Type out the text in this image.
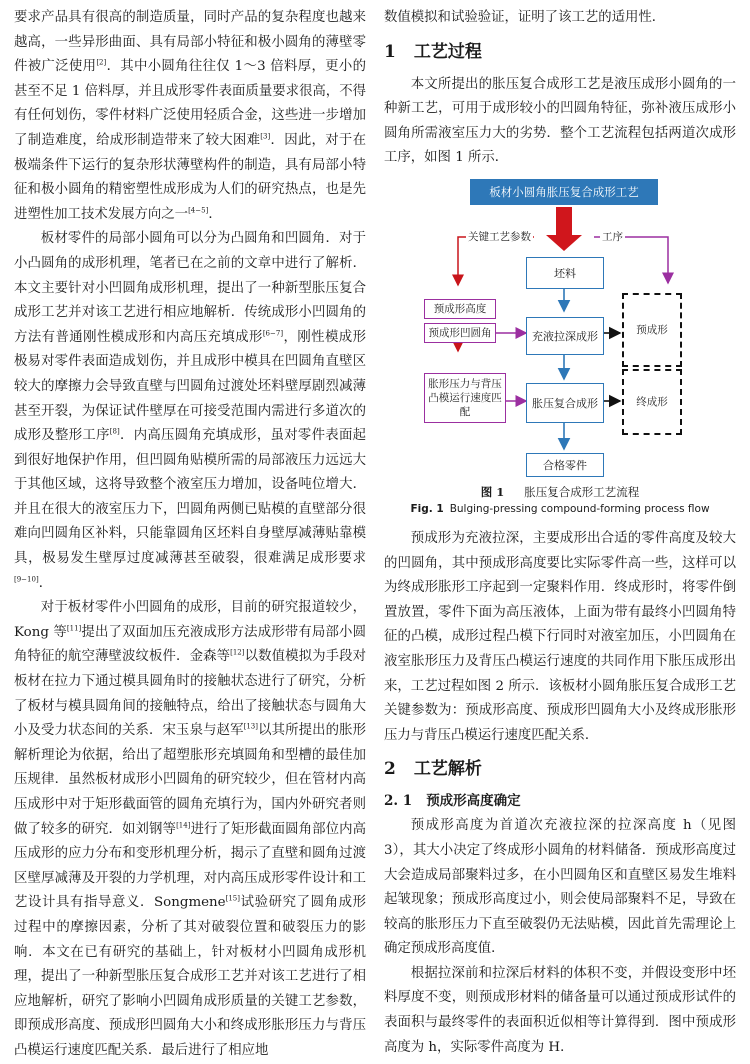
要求产品具有很高的制造质量，同时产品的复杂程度也越来越高，一些异形曲面、具有局部小特征和极小圆角的薄壁零件被广泛使用[2]．其中小圆角往往仅 1～3 倍料厚，更小的甚至不足 1 倍料厚，并且成形零件表面质量要求很高，不得有任何划伤，零件材料广泛使用轻质合金，这些进一步增加了制造难度，给成形制造带来了较大困难[3]．因此，对于在极端条件下运行的复杂形状薄壁构件的制造，具有局部小特征和极小圆角的精密塑性成形成为人们的研究热点，也是先进塑性加工技术发展方向之一[4−5]．

板材零件的局部小圆角可以分为凸圆角和凹圆角．对于小凸圆角的成形机理，笔者已在之前的文章中进行了解析．本文主要针对小凹圆角成形机理，提出了一种新型胀压复合成形工艺并对该工艺进行相应地解析．传统成形小凹圆角的方法有普通刚性模成形和内高压充填成形[6−7]，刚性模成形极易对零件表面造成划伤，并且成形中模具在凹圆角直壁区较大的摩擦力会导致直壁与凹圆角过渡处坯料壁厚剧烈减薄甚至开裂，为保证试件壁厚在可接受范围内需进行多道次的成形及整形工序[8]．内高压圆角充填成形，虽对零件表面起到很好地保护作用，但凹圆角贴模所需的局部液压力远远大于其他区域，这将导致整个液室压力增加，设备吨位增大．并且在很大的液室压力下，凹圆角两侧已贴模的直壁部分很难向凹圆角区补料，只能靠圆角区坯料自身壁厚减薄贴靠模具，极易发生壁厚过度减薄甚至破裂，很难满足成形要求[9−10]．

对于板材零件小凹圆角的成形，目前的研究报道较少，Kong 等[11]提出了双面加压充液成形方法成形带有局部小圆角特征的航空薄壁波纹板件．金森等[12]以数值模拟为手段对板材在拉力下通过模具圆角时的接触状态进行了研究，分析了板材与模具圆角间的接触特点，给出了接触状态与圆角大小及受力状态间的关系．宋玉泉与赵军[13]以其所提出的胀形解析理论为依据，给出了超塑胀形充填圆角和型槽的最佳加压规律．虽然板材成形小凹圆角的研究较少，但在管材内高压成形中对于矩形截面管的圆角充填行为，国内外研究者则做了较多的研究．如刘钢等[14]进行了矩形截面圆角部位内高压成形的应力分布和变形机理分析，揭示了直壁和圆角过渡区壁厚减薄及开裂的力学机理，对内高压成形零件设计和工艺设计具有指导意义．Songmene[15]试验研究了圆角成形过程中的摩擦因素，分析了其对破裂位置和破裂压力的影响．本文在已有研究的基础上，针对板材小凹圆角成形机理，提出了一种新型胀压复合成形工艺并对该工艺进行了相应地解析，研究了影响小凹圆角成形质量的关键工艺参数，即预成形高度、预成形凹圆角大小和终成形胀形压力与背压凸模运行速度匹配关系．最后进行了相应地

数值模拟和试验验证，证明了该工艺的适用性．

1 工艺过程

本文所提出的胀压复合成形工艺是液压成形小圆角的一种新工艺，可用于成形较小的凹圆角特征，弥补液压成形小圆角所需液室压力大的劣势．整个工艺流程包括两道次成形工序，如图 1 所示．

板材小圆角胀压复合成形工艺
关键工艺参数	工序
坯料
充液拉深成形
胀压复合成形
合格零件
预成形高度
预成形凹圆角
胀形压力与背压凸模运行速度匹配
预成形
终成形
图 1 胀压复合成形工艺流程
Fig. 1 Bulging-pressing compound-forming process flow

预成形为充液拉深，主要成形出合适的零件高度及较大的凹圆角，其中预成形高度要比实际零件高一些，这样可以为终成形胀形工序起到一定聚料作用．终成形时，将零件倒置放置，零件下面为高压液体，上面为带有最终小凹圆角特征的凸模，成形过程凸模下行同时对液室加压，小凹圆角在液室胀形压力及背压凸模运行速度的共同作用下胀压成形出来，工艺过程如图 2 所示．该板材小圆角胀压复合成形工艺关键参数为：预成形高度、预成形凹圆角大小及终成形胀形压力与背压凸模运行速度匹配关系．

2 工艺解析
2. 1 预成形高度确定

预成形高度为首道次充液拉深的拉深高度 h（见图 3），其大小决定了终成形小圆角的材料储备．预成形高度过大会造成局部聚料过多，在小凹圆角区和直壁区易发生堆料起皱现象；预成形高度过小，则会使局部聚料不足，导致在较高的胀形压力下直至破裂仍无法贴模，因此首先需理论上确定预成形高度值．

根据拉深前和拉深后材料的体积不变，并假设变形中坯料厚度不变，则预成形材料的储备量可以通过预成形试件的表面积与最终零件的表面积近似相等计算得到．图中预成形高度为 h，实际零件高度为 H．
